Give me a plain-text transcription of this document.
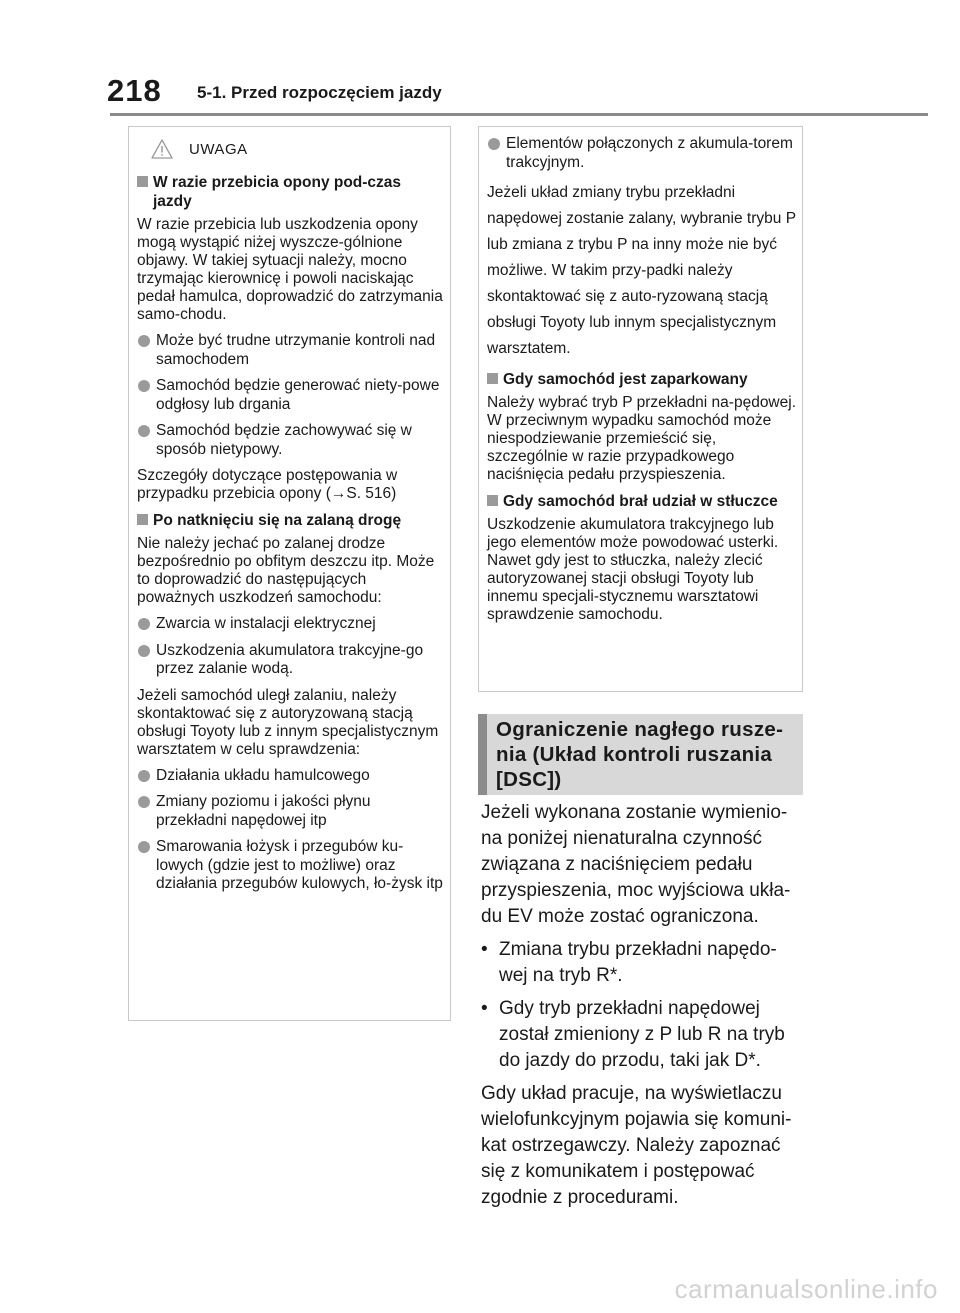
218 5-1. Przed rozpoczęciem jazdy
UWAGA
W razie przebicia opony pod-czas jazdy

W razie przebicia lub uszkodzenia opony mogą wystąpić niżej wyszcze-gólnione objawy. W takiej sytuacji należy, mocno trzymając kierownicę i powoli naciskając pedał hamulca, doprowadzić do zatrzymania samo-chodu.

Może być trudne utrzymanie kontroli nad samochodem
Samochód będzie generować niety-powe odgłosy lub drgania
Samochód będzie zachowywać się w sposób nietypowy.

Szczegóły dotyczące postępowania w przypadku przebicia opony (→S. 516)

Po natknięciu się na zalaną drogę

Nie należy jechać po zalanej drodze bezpośrednio po obfitym deszczu itp. Może to doprowadzić do następujących poważnych uszkodzeń samochodu:

Zwarcia w instalacji elektrycznej
Uszkodzenia akumulatora trakcyjne-go przez zalanie wodą.

Jeżeli samochód uległ zalaniu, należy skontaktować się z autoryzowaną stacją obsługi Toyoty lub z innym specjalistycznym warsztatem w celu sprawdzenia:

Działania układu hamulcowego
Zmiany poziomu i jakości płynu przekładni napędowej itp
Smarowania łożysk i przegubów ku-lowych (gdzie jest to możliwe) oraz działania przegubów kulowych, ło-żysk itp
Elementów połączonych z akumula-torem trakcyjnym.

Jeżeli układ zmiany trybu przekładni napędowej zostanie zalany, wybranie trybu P lub zmiana z trybu P na inny może nie być możliwe. W takim przy-padki należy skontaktować się z auto-ryzowaną stacją obsługi Toyoty lub innym specjalistycznym warsztatem.

Gdy samochód jest zaparkowany

Należy wybrać tryb P przekładni na-pędowej. W przeciwnym wypadku samochód może niespodziewanie przemieścić się, szczególnie w razie przypadkowego naciśnięcia pedału przyspieszenia.

Gdy samochód brał udział w stłuczce

Uszkodzenie akumulatora trakcyjnego lub jego elementów może powodować usterki. Nawet gdy jest to stłuczka, należy zlecić autoryzowanej stacji obsługi Toyoty lub innemu specjali-stycznemu warsztatowi sprawdzenie samochodu.

Ograniczenie nagłego rusze-nia (Układ kontroli ruszania [DSC])

Jeżeli wykonana zostanie wymienio-na poniżej nienaturalna czynność związana z naciśnięciem pedału przyspieszenia, moc wyjściowa ukła-du EV może zostać ograniczona.

• Zmiana trybu przekładni napędo-wej na tryb R*.
• Gdy tryb przekładni napędowej został zmieniony z P lub R na tryb do jazdy do przodu, taki jak D*.

Gdy układ pracuje, na wyświetlaczu wielofunkcyjnym pojawia się komuni-kat ostrzegawczy. Należy zapoznać się z komunikatem i postępować zgodnie z procedurami.

carmanualsonline.info
